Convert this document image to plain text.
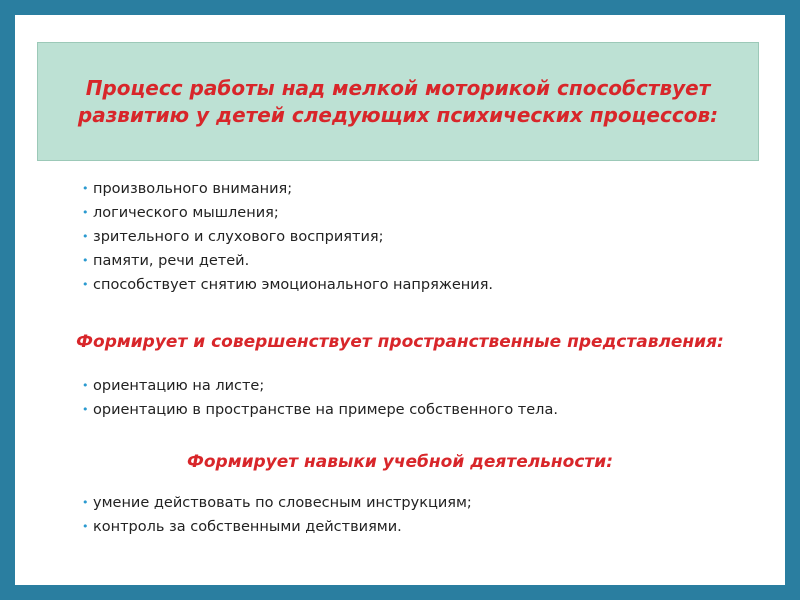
Процесс работы над мелкой моторикой способствует развитию у детей следующих психических процессов:

• произвольного внимания;
• логического мышления;
• зрительного и слухового восприятия;
• памяти, речи детей.
• способствует снятию эмоционального напряжения.

Формирует и совершенствует пространственные представления:

• ориентацию на листе;
• ориентацию в пространстве на примере собственного тела.

Формирует навыки учебной деятельности:

• умение действовать по словесным инструкциям;
• контроль за собственными действиями.
